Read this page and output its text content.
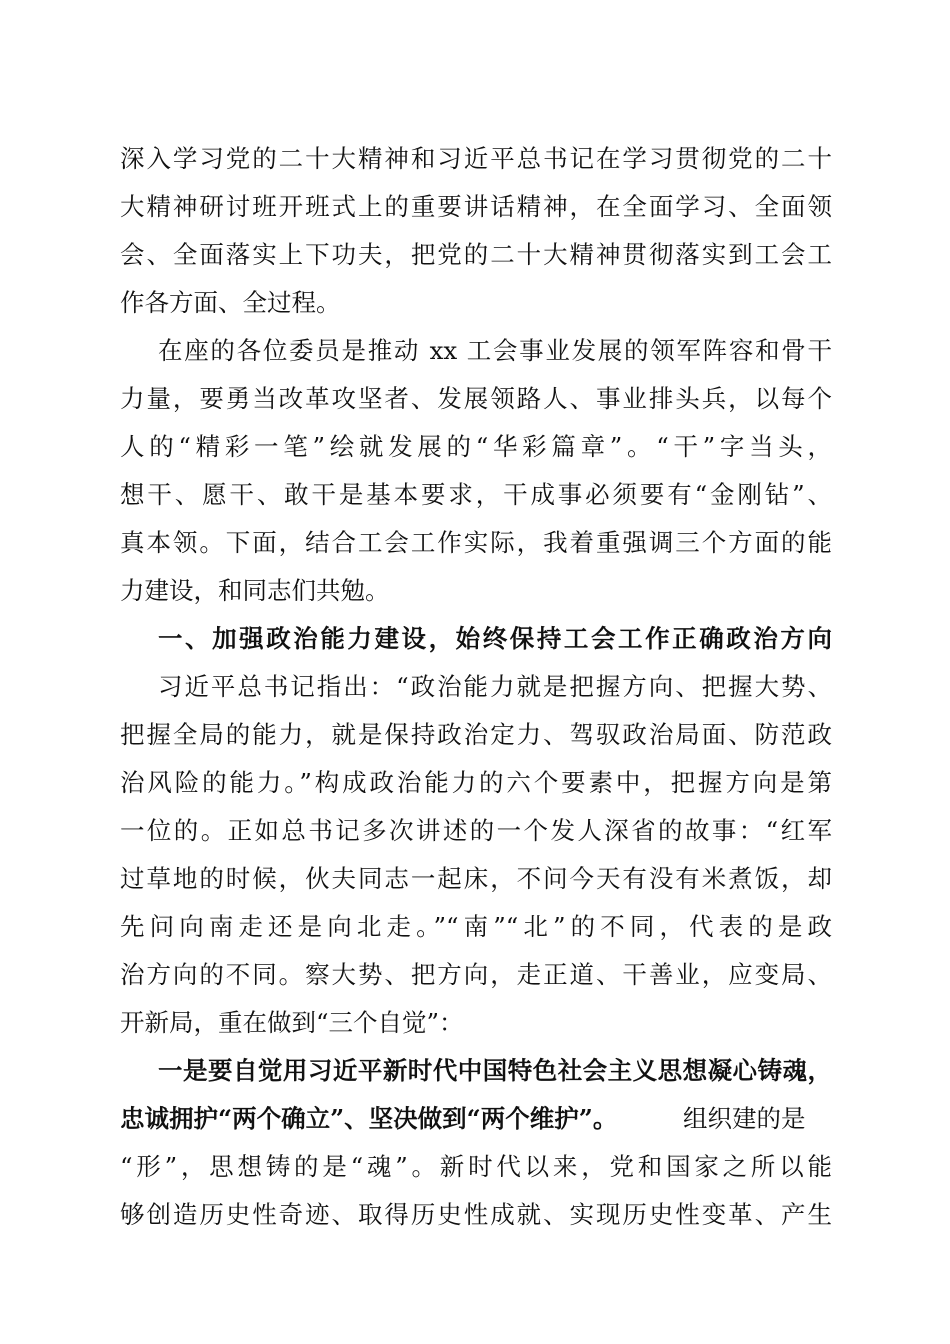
深入学习党的二十大精神和习近平总书记在学习贯彻党的二十
大精神研讨班开班式上的重要讲话精神，在全面学习、全面领
会、全面落实上下功夫，把党的二十大精神贯彻落实到工会工
作各方面、全过程。
在座的各位委员是推动 xx 工会事业发展的领军阵容和骨干
力量，要勇当改革攻坚者、发展领路人、事业排头兵，以每个
人的“精彩一笔”绘就发展的“华彩篇章”。“干”字当头，
想干、愿干、敢干是基本要求，干成事必须要有“金刚钻”、
真本领。下面，结合工会工作实际，我着重强调三个方面的能
力建设，和同志们共勉。
一、加强政治能力建设，始终保持工会工作正确政治方向
习近平总书记指出：“政治能力就是把握方向、把握大势、
把握全局的能力，就是保持政治定力、驾驭政治局面、防范政
治风险的能力。”构成政治能力的六个要素中，把握方向是第
一位的。正如总书记多次讲述的一个发人深省的故事：“红军
过草地的时候，伙夫同志一起床，不问今天有没有米煮饭，却
先问向南走还是向北走。”“南”“北”的不同，代表的是政
治方向的不同。察大势、把方向，走正道、干善业，应变局、
开新局，重在做到“三个自觉”：
一是要自觉用习近平新时代中国特色社会主义思想凝心铸魂，
忠诚拥护“两个确立”、坚决做到“两个维护”。	组织建的是
“形”，思想铸的是“魂”。新时代以来，党和国家之所以能
够创造历史性奇迹、取得历史性成就、实现历史性变革、产生
